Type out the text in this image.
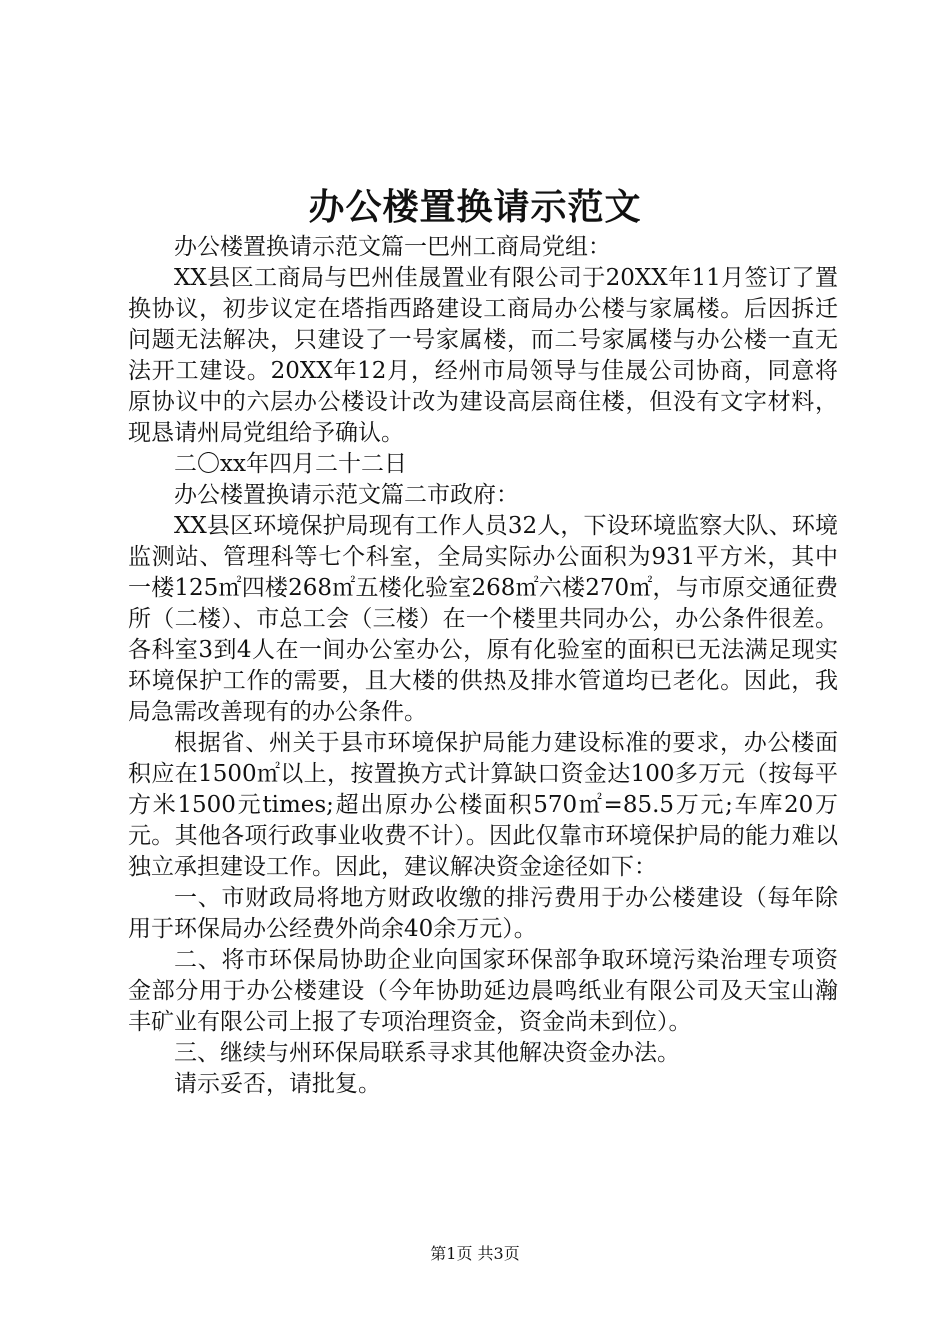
办公楼置换请示范文

办公楼置换请示范文篇一巴州工商局党组：

XX县区工商局与巴州佳晟置业有限公司于20XX年11月签订了置换协议，初步议定在塔指西路建设工商局办公楼与家属楼。后因拆迁问题无法解决，只建设了一号家属楼，而二号家属楼与办公楼一直无法开工建设。20XX年12月，经州市局领导与佳晟公司协商，同意将原协议中的六层办公楼设计改为建设高层商住楼，但没有文字材料，现恳请州局党组给予确认。

二〇xx年四月二十二日

办公楼置换请示范文篇二市政府：

XX县区环境保护局现有工作人员32人，下设环境监察大队、环境监测站、管理科等七个科室，全局实际办公面积为931平方米，其中一楼125㎡四楼268㎡五楼化验室268㎡六楼270㎡，与市原交通征费所（二楼）、市总工会（三楼）在一个楼里共同办公，办公条件很差。各科室3到4人在一间办公室办公，原有化验室的面积已无法满足现实环境保护工作的需要，且大楼的供热及排水管道均已老化。因此，我局急需改善现有的办公条件。

根据省、州关于县市环境保护局能力建设标准的要求，办公楼面积应在1500㎡以上，按置换方式计算缺口资金达100多万元（按每平方米1500元times;超出原办公楼面积570㎡=85.5万元;车库20万元。其他各项行政事业收费不计）。因此仅靠市环境保护局的能力难以独立承担建设工作。因此，建议解决资金途径如下：

一、市财政局将地方财政收缴的排污费用于办公楼建设（每年除用于环保局办公经费外尚余40余万元）。

二、将市环保局协助企业向国家环保部争取环境污染治理专项资金部分用于办公楼建设（今年协助延边晨鸣纸业有限公司及天宝山瀚丰矿业有限公司上报了专项治理资金，资金尚未到位）。

三、继续与州环保局联系寻求其他解决资金办法。

请示妥否，请批复。

第1页 共3页
